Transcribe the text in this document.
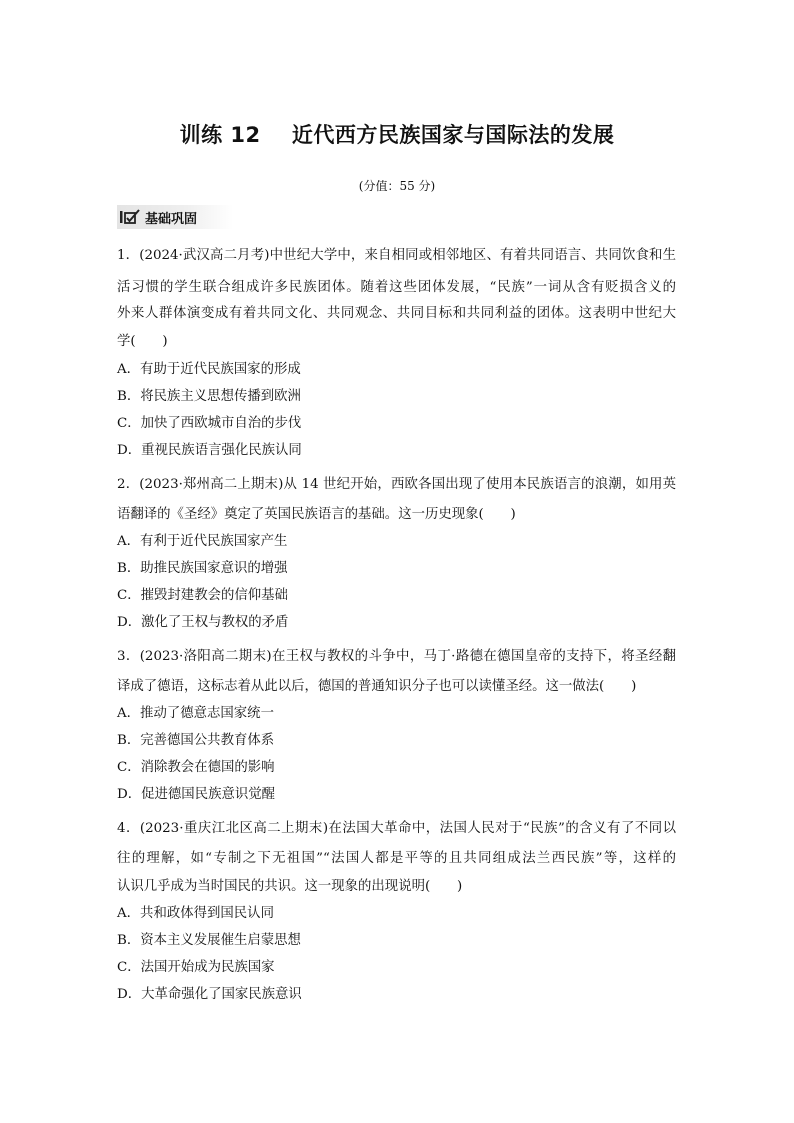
训练 12    近代西方民族国家与国际法的发展
(分值：55 分)
基础巩固
1．(2024·武汉高二月考)中世纪大学中，来自相同或相邻地区、有着共同语言、共同饮食和生
活习惯的学生联合组成许多民族团体。随着这些团体发展，“民族”一词从含有贬损含义的
外来人群体演变成有着共同文化、共同观念、共同目标和共同利益的团体。这表明中世纪大
学(　　)
A．有助于近代民族国家的形成
B．将民族主义思想传播到欧洲
C．加快了西欧城市自治的步伐
D．重视民族语言强化民族认同
2．(2023·郑州高二上期末)从 14 世纪开始，西欧各国出现了使用本民族语言的浪潮，如用英
语翻译的《圣经》奠定了英国民族语言的基础。这一历史现象(　　)
A．有利于近代民族国家产生
B．助推民族国家意识的增强
C．摧毁封建教会的信仰基础
D．激化了王权与教权的矛盾
3．(2023·洛阳高二期末)在王权与教权的斗争中，马丁·路德在德国皇帝的支持下，将圣经翻
译成了德语，这标志着从此以后，德国的普通知识分子也可以读懂圣经。这一做法(　　)
A．推动了德意志国家统一
B．完善德国公共教育体系
C．消除教会在德国的影响
D．促进德国民族意识觉醒
4．(2023·重庆江北区高二上期末)在法国大革命中，法国人民对于“民族”的含义有了不同以
往的理解，如“专制之下无祖国”“法国人都是平等的且共同组成法兰西民族”等，这样的
认识几乎成为当时国民的共识。这一现象的出现说明(　　)
A．共和政体得到国民认同
B．资本主义发展催生启蒙思想
C．法国开始成为民族国家
D．大革命强化了国家民族意识
